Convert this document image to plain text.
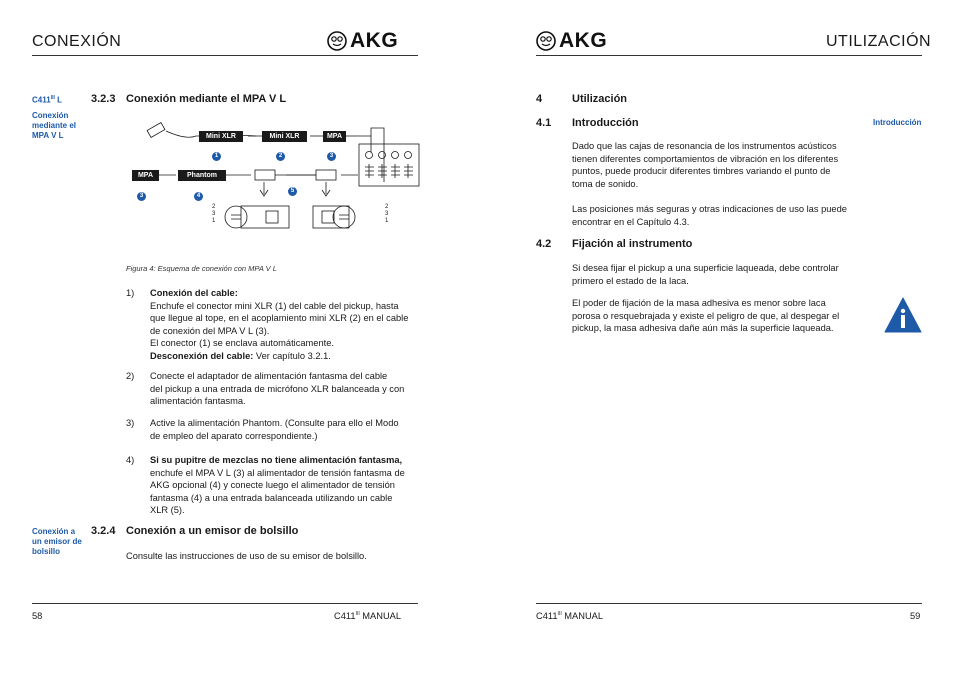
CONEXIÓN	AKG
$C411^{III}$ L
Conexión
mediante el
MPA V L
3.2.3 Conexión mediante el MPA V L
Mini XLR	Mini XLR	MPA
MPA	Phantom
1	2	3
3	4
5
2
3
1
2
3
1
Figura 4: Esquema de conexión con MPA V L
1) Conexión del cable:
Enchufe el conector mini XLR (1) del cable del pickup, hasta
que llegue al tope, en el acoplamiento mini XLR (2) en el cable
de conexión del MPA V L (3).
El conector (1) se enclava automáticamente.
Desconexión del cable: Ver capítulo 3.2.1.
2) Conecte el adaptador de alimentación fantasma del cable
del pickup a una entrada de micrófono XLR balanceada y con
alimentación fantasma.
3) Active la alimentación Phantom. (Consulte para ello el Modo
de empleo del aparato correspondiente.)
4) Si su pupitre de mezclas no tiene alimentación fantasma,
enchufe el MPA V L (3) al alimentador de tensión fantasma de
AKG opcional (4) y conecte luego el alimentador de tensión
fantasma (4) a una entrada balanceada utilizando un cable
XLR (5).
Conexión a
un emisor de
bolsillo
3.2.4 Conexión a un emisor de bolsillo
Consulte las instrucciones de uso de su emisor de bolsillo.
58	$C411^{III}$ MANUAL
AKG	UTILIZACIÓN
4	Utilización
4.1 Introducción	Introducción
Dado que las cajas de resonancia de los instrumentos acústicos
tienen diferentes comportamientos de vibración en los diferentes
puntos, puede producir diferentes timbres variando el punto de
toma de sonido.
Las posiciones más seguras y otras indicaciones de uso las puede
encontrar en el Capítulo 4.3.
4.2 Fijación al instrumento
Si desea fijar el pickup a una superficie laqueada, debe controlar
primero el estado de la laca.
El poder de fijación de la masa adhesiva es menor sobre laca
porosa o resquebrajada y existe el peligro de que, al despegar el
pickup, la masa adhesiva dañe aún más la superficie laqueada.
$C411^{III}$ MANUAL	59
